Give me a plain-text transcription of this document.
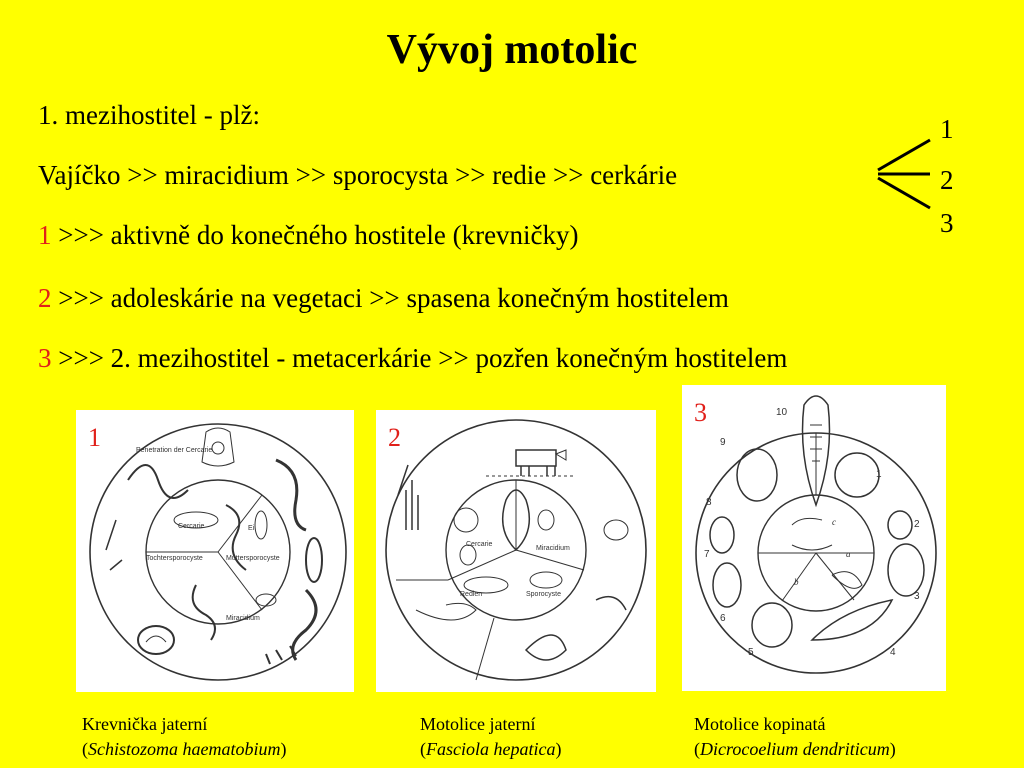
Vývoj motolic
1. mezihostitel - plž:
Vajíčko >> miracidium >> sporocysta >> redie >> cerkárie
1 >>> aktivně do konečného hostitele (krevničky)
2 >>> adoleskárie na vegetaci >> spasena konečným hostitelem
3 >>> 2. mezihostitel - metacerkárie >> pozřen konečným hostitelem
1
2
3
Penetration der Cercarie
Cercarie
Tochtersporocyste	Muttersporocyste
Ei
Miracidium
1
Cercarie
Miracidium
Redien	Sporocyste
2
10
9
8
7
6
5	4
3
2
1
c
a
b
3
Krevnička jaterní
(Schistozoma haematobium)
Motolice jaterní
(Fasciola hepatica)
Motolice kopinatá
(Dicrocoelium dendriticum)
